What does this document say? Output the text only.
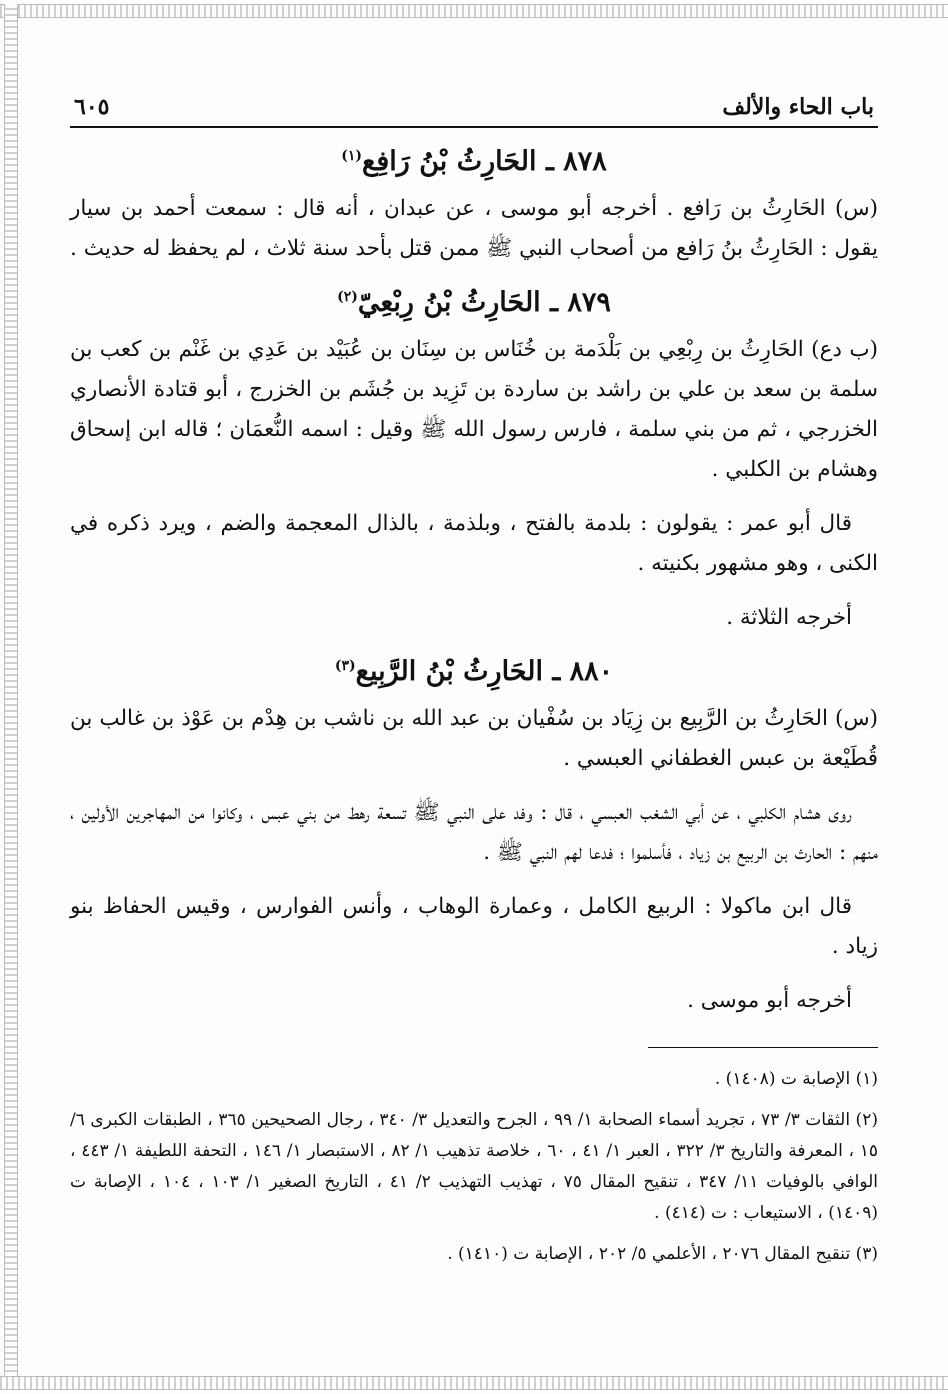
باب الحاء والألف
٦٠٥
٨٧٨ ـ الحَارِثُ بْنُ رَافِع$^{(١)}$

(س) الحَارِثُ بن رَافع . أخرجه أبو موسى ، عن عبدان ، أنه قال : سمعت أحمد بن سيار يقول : الحَارِثُ بنُ رَافع من أصحاب النبي ﷺ ممن قتل بأحد سنة ثلاث ، لم يحفظ له حديث .

٨٧٩ ـ الحَارِثُ بْنُ رِبْعِيّ$^{(٢)}$

(ب دع) الحَارِثُ بن رِبْعِي بن بَلْدَمة بن خُنَاس بن سِنَان بن عُبَيْد بن عَدِي بن غَنْم بن كعب بن سلمة بن سعد بن علي بن راشد بن ساردة بن تَزِيد بن جُشَم بن الخزرج ، أبو قتادة الأنصاري الخزرجي ، ثم من بني سلمة ، فارس رسول الله ﷺ وقيل : اسمه النُّعمَان ؛ قاله ابن إسحاق وهشام بن الكلبي .

قال أبو عمر : يقولون : بلدمة بالفتح ، وبلذمة ، بالذال المعجمة والضم ، ويرد ذكره في الكنى ، وهو مشهور بكنيته .

أخرجه الثلاثة .

٨٨٠ ـ الحَارِثُ بْنُ الرَّبِيع$^{(٣)}$

(س) الحَارِثُ بن الرَّبِيع بن زِيَاد بن سُفْيان بن عبد الله بن ناشب بن هِدْم بن عَوْذ بن غالب بن قُطَيْعة بن عبس الغطفاني العبسي .

روى هشام الكلبي ، عن أبي الشغب العبسي ، قال : وفد على النبي ﷺ تسعة رهط من بني عبس ، وكانوا من المهاجرين الأولين ، منهم : الحارث بن الربيع بن زياد ، فأسلموا ؛ فدعا لهم النبي ﷺ .

قال ابن ماكولا : الربيع الكامل ، وعمارة الوهاب ، وأنس الفوارس ، وقيس الحفاظ بنو زياد .

أخرجه أبو موسى .

(١) الإصابة ت (١٤٠٨) .
(٢) الثقات ٣/ ٧٣ ، تجريد أسماء الصحابة ١/ ٩٩ ، الجرح والتعديل ٣/ ٣٤٠ ، رجال الصحيحين ٣٦٥ ، الطبقات الكبرى ٦/ ١٥ ، المعرفة والتاريخ ٣/ ٣٢٢ ، العبر ١/ ٤١ ، ٦٠ ، خلاصة تذهيب ١/ ٨٢ ، الاستبصار ١/ ١٤٦ ، التحفة اللطيفة ١/ ٤٤٣ ، الوافي بالوفيات ١١/ ٣٤٧ ، تنقيح المقال ٧٥ ، تهذيب التهذيب ٢/ ٤١ ، التاريخ الصغير ١/ ١٠٣ ، ١٠٤ ، الإصابة ت (١٤٠٩) ، الاستيعاب : ت (٤١٤) .
(٣) تنقيح المقال ٢٠٧٦ ، الأعلمي ٥/ ٢٠٢ ، الإصابة ت (١٤١٠) .
